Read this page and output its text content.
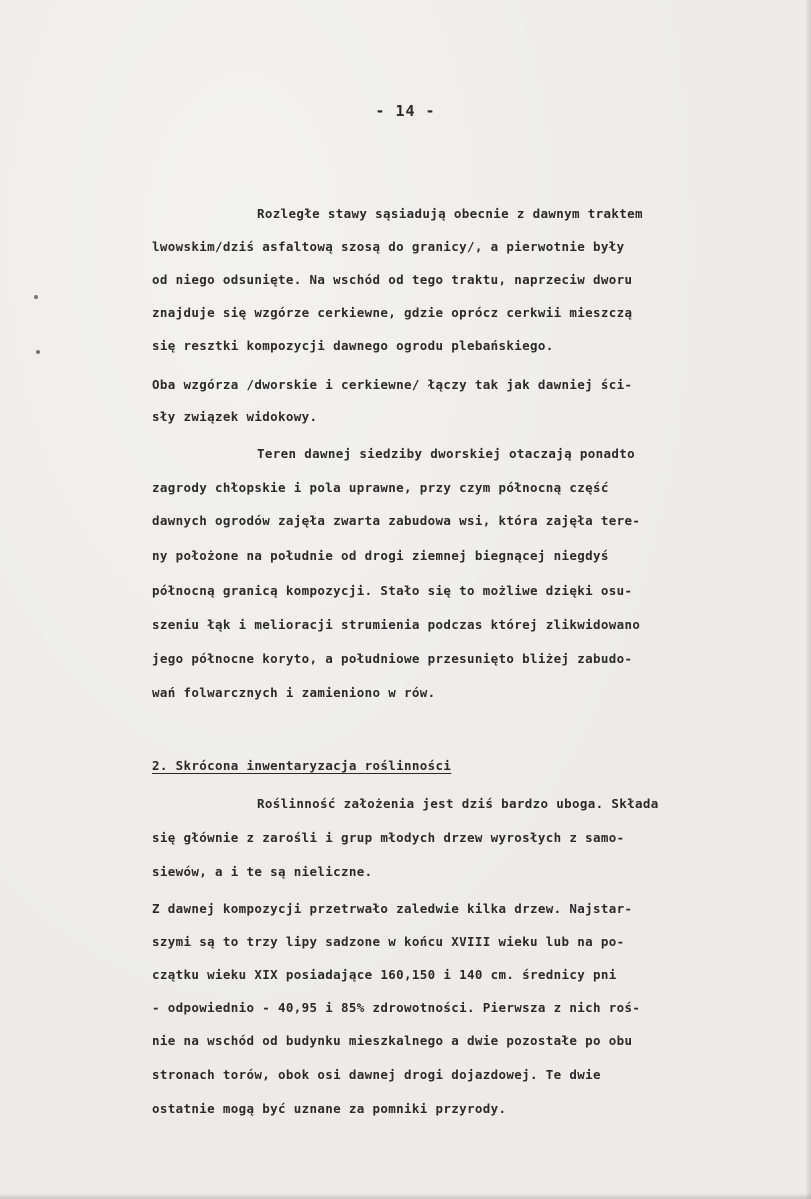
- 14 -
Rozległe stawy sąsiadują obecnie z dawnym traktem
lwowskim/dziś asfaltową szosą do granicy/, a pierwotnie były
od niego odsunięte. Na wschód od tego traktu, naprzeciw dworu
znajduje się wzgórze cerkiewne, gdzie oprócz cerkwii mieszczą
się resztki kompozycji dawnego ogrodu plebańskiego.
Oba wzgórza /dworskie i cerkiewne/ łączy tak jak dawniej ści-
sły związek widokowy.
Teren dawnej siedziby dworskiej otaczają ponadto
zagrody chłopskie i pola uprawne, przy czym północną część
dawnych ogrodów zajęła zwarta zabudowa wsi, która zajęła tere-
ny położone na południe od drogi ziemnej biegnącej niegdyś
północną granicą kompozycji. Stało się to możliwe dzięki osu-
szeniu łąk i melioracji strumienia podczas której zlikwidowano
jego północne koryto, a południowe przesunięto bliżej zabudo-
wań folwarcznych i zamieniono w rów.
2. Skrócona inwentaryzacja roślinności
Roślinność założenia jest dziś bardzo uboga. Składa
się głównie z zarośli i grup młodych drzew wyrosłych z samo-
siewów, a i te są nieliczne.
Z dawnej kompozycji przetrwało zaledwie kilka drzew. Najstar-
szymi są to trzy lipy sadzone w końcu XVIII wieku lub na po-
czątku wieku XIX posiadające 160,150 i 140 cm. średnicy pni
- odpowiednio - 40,95 i 85% zdrowotności. Pierwsza z nich roś-
nie na wschód od budynku mieszkalnego a dwie pozostałe po obu
stronach torów, obok osi dawnej drogi dojazdowej. Te dwie
ostatnie mogą być uznane za pomniki przyrody.
